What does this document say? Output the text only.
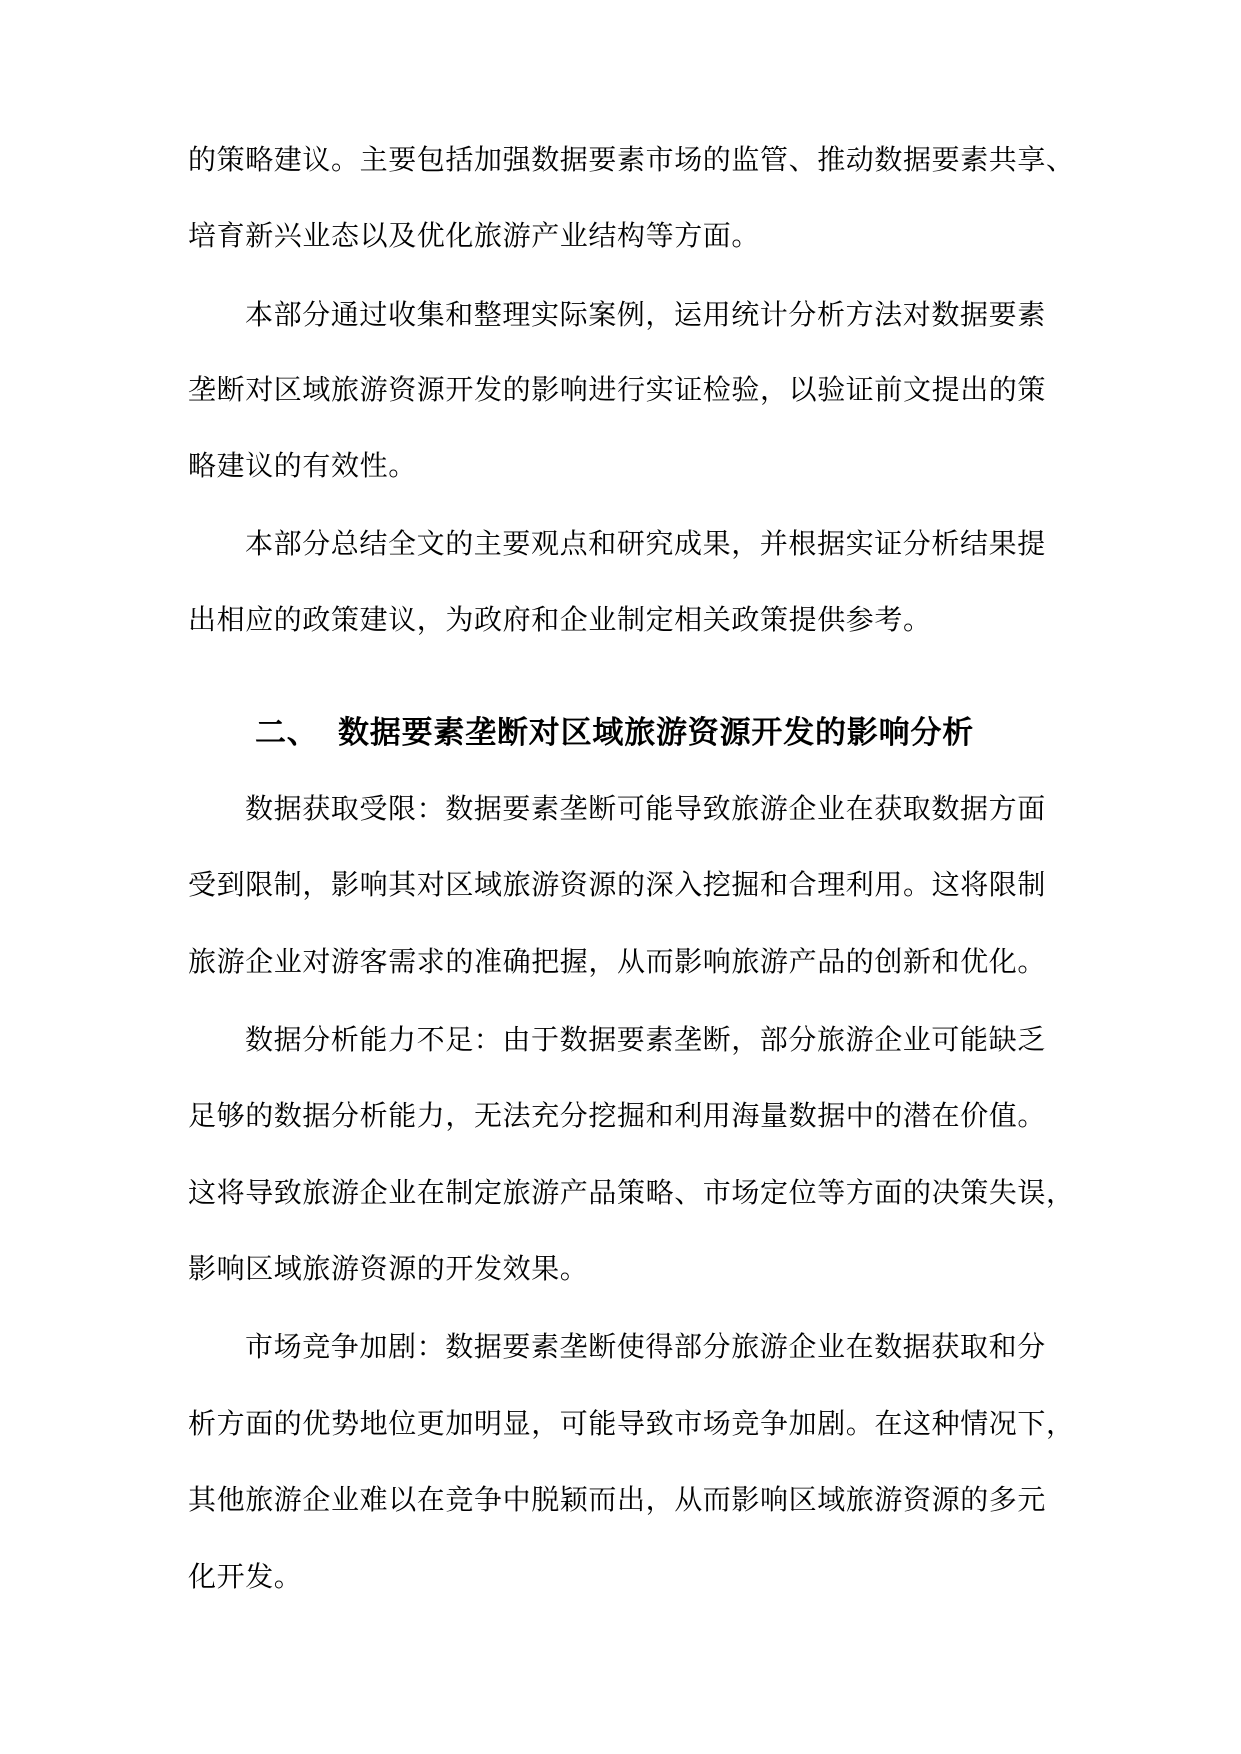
的策略建议。主要包括加强数据要素市场的监管、推动数据要素共享、
培育新兴业态以及优化旅游产业结构等方面。
本部分通过收集和整理实际案例，运用统计分析方法对数据要素
垄断对区域旅游资源开发的影响进行实证检验，以验证前文提出的策
略建议的有效性。
本部分总结全文的主要观点和研究成果，并根据实证分析结果提
出相应的政策建议，为政府和企业制定相关政策提供参考。
二、 数据要素垄断对区域旅游资源开发的影响分析
数据获取受限：数据要素垄断可能导致旅游企业在获取数据方面
受到限制，影响其对区域旅游资源的深入挖掘和合理利用。这将限制
旅游企业对游客需求的准确把握，从而影响旅游产品的创新和优化。
数据分析能力不足：由于数据要素垄断，部分旅游企业可能缺乏
足够的数据分析能力，无法充分挖掘和利用海量数据中的潜在价值。
这将导致旅游企业在制定旅游产品策略、市场定位等方面的决策失误，
影响区域旅游资源的开发效果。
市场竞争加剧：数据要素垄断使得部分旅游企业在数据获取和分
析方面的优势地位更加明显，可能导致市场竞争加剧。在这种情况下，
其他旅游企业难以在竞争中脱颖而出，从而影响区域旅游资源的多元
化开发。
